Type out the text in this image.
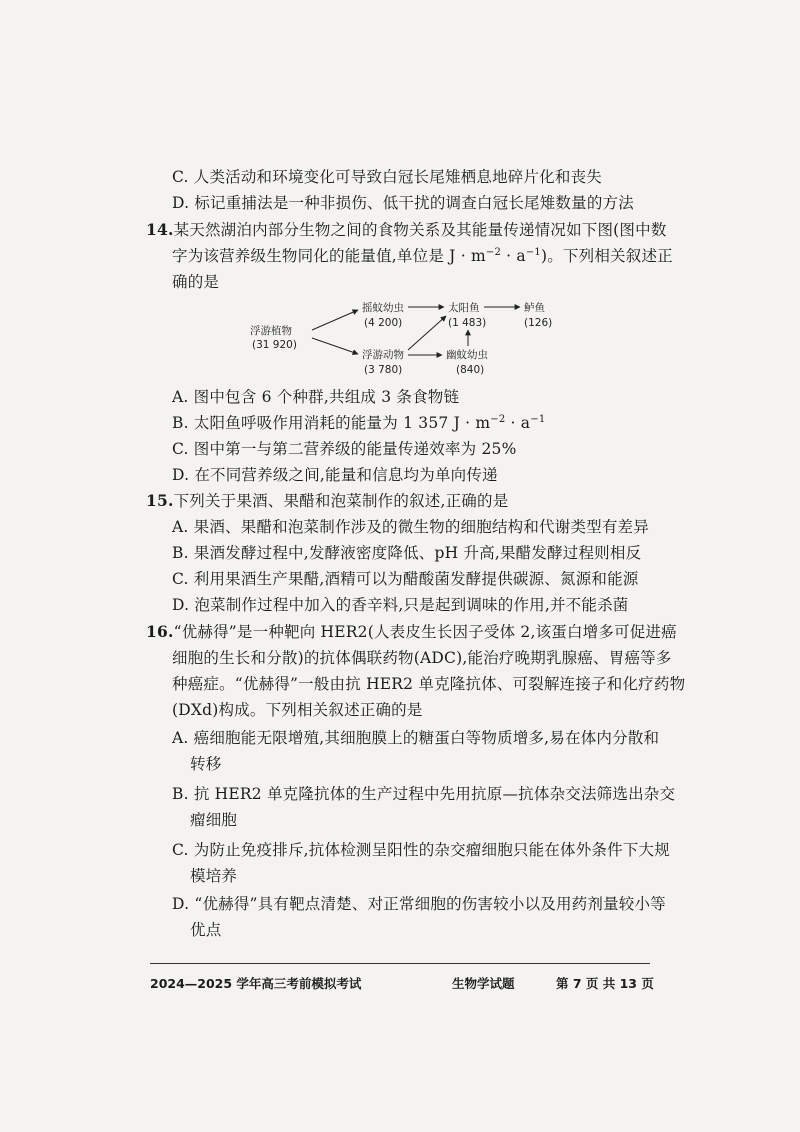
C. 人类活动和环境变化可导致白冠长尾雉栖息地碎片化和丧失
D. 标记重捕法是一种非损伤、低干扰的调查白冠长尾雉数量的方法
14.某天然湖泊内部分生物之间的食物关系及其能量传递情况如下图(图中数
字为该营养级生物同化的能量值,单位是 $J \cdot m^{-2} \cdot a^{-1}$)。下列相关叙述正
确的是
浮游植物
(31 920)
摇蚊幼虫
(4 200)
浮游动物
(3 780)
太阳鱼
(1 483)
幽蚊幼虫
(840)
鲈鱼
(126)
A. 图中包含 6 个种群,共组成 3 条食物链
B. 太阳鱼呼吸作用消耗的能量为 1 357 $J \cdot m^{-2} \cdot a^{-1}$
C. 图中第一与第二营养级的能量传递效率为 25%
D. 在不同营养级之间,能量和信息均为单向传递
15.下列关于果酒、果醋和泡菜制作的叙述,正确的是
A. 果酒、果醋和泡菜制作涉及的微生物的细胞结构和代谢类型有差异
B. 果酒发酵过程中,发酵液密度降低、pH 升高,果醋发酵过程则相反
C. 利用果酒生产果醋,酒精可以为醋酸菌发酵提供碳源、氮源和能源
D. 泡菜制作过程中加入的香辛料,只是起到调味的作用,并不能杀菌
16.“优赫得”是一种靶向 HER2(人表皮生长因子受体 2,该蛋白增多可促进癌
细胞的生长和分散)的抗体偶联药物(ADC),能治疗晚期乳腺癌、胃癌等多
种癌症。“优赫得”一般由抗 HER2 单克隆抗体、可裂解连接子和化疗药物
(DXd)构成。下列相关叙述正确的是
A. 癌细胞能无限增殖,其细胞膜上的糖蛋白等物质增多,易在体内分散和
转移
B. 抗 HER2 单克隆抗体的生产过程中先用抗原—抗体杂交法筛选出杂交
瘤细胞
C. 为防止免疫排斥,抗体检测呈阳性的杂交瘤细胞只能在体外条件下大规
模培养
D. “优赫得”具有靶点清楚、对正常细胞的伤害较小以及用药剂量较小等
优点
2024—2025 学年高三考前模拟考试	生物学试题	第 7 页 共 13 页
